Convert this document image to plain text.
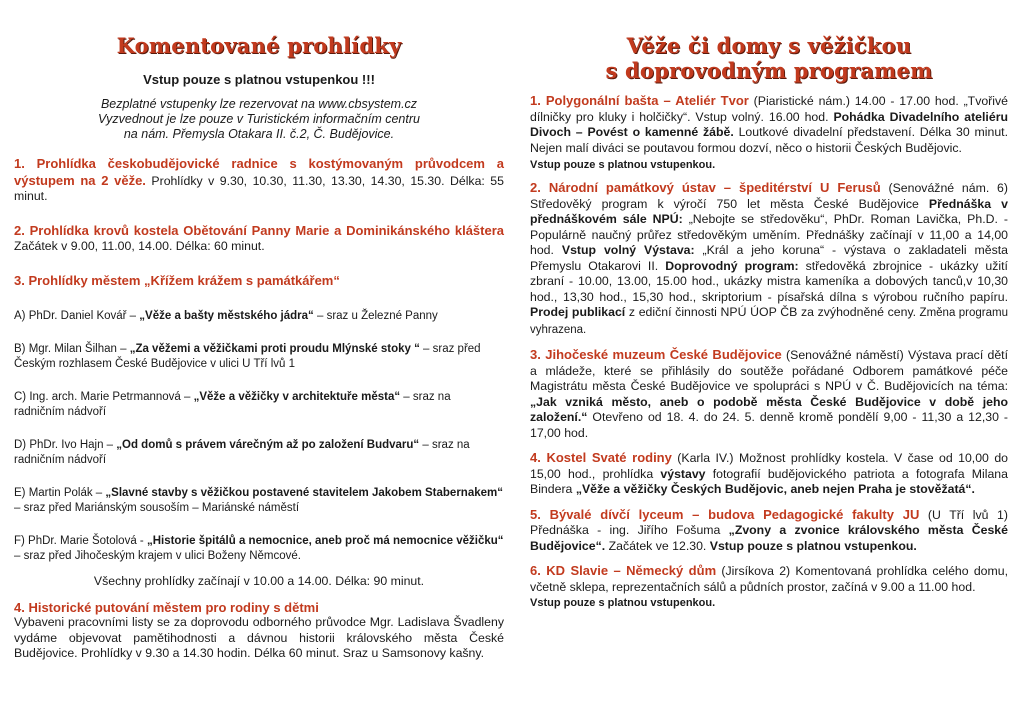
Komentované prohlídky
Vstup pouze s platnou vstupenkou !!!
Bezplatné vstupenky lze rezervovat na www.cbsystem.cz
Vyzvednout je lze pouze v Turistickém informačním centru
na nám. Přemysla Otakara II. č.2, Č. Budějovice.

1. Prohlídka českobudějovické radnice s kostýmovaným průvodcem a výstupem na 2 věže. Prohlídky v 9.30, 10.30, 11.30, 13.30, 14.30, 15.30. Délka: 55 minut.

2. Prohlídka krovů kostela Obětování Panny Marie a Dominikánského kláštera Začátek v 9.00, 11.00, 14.00. Délka: 60 minut.

3. Prohlídky městem „Křížem krážem s památkářem“

A) PhDr. Daniel Kovář – „Věže a bašty městského jádra“ – sraz u Železné Panny

B) Mgr. Milan Šilhan – „Za věžemi a věžičkami proti proudu Mlýnské stoky “ – sraz před Českým rozhlasem České Budějovice v ulici U Tří lvů 1

C) Ing. arch. Marie Petrmannová – „Věže a věžičky v architektuře města“ – sraz na radničním nádvoří

D) PhDr. Ivo Hajn – „Od domů s právem várečným až po založení Budvaru“ – sraz na radničním nádvoří

E) Martin Polák – „Slavné stavby s věžičkou postavené stavitelem Jakobem Stabernakem“ – sraz před Mariánským sousoším – Mariánské náměstí

F) PhDr. Marie Šotolová - „Historie špitálů a nemocnice, aneb proč má nemocnice věžičku“ – sraz před Jihočeským krajem v ulici Boženy Němcové.

Všechny prohlídky začínají v 10.00 a 14.00. Délka: 90 minut.
4. Historické putování městem pro rodiny s dětmi

Vybaveni pracovními listy se za doprovodu odborného průvodce Mgr. Ladislava Švadleny vydáme objevovat pamětihodnosti a dávnou historii královského města České Budějovice. Prohlídky v 9.30 a 14.30 hodin. Délka 60 minut. Sraz u Samsonovy kašny.

Věže či domy s věžičkou
s doprovodným programem

1. Polygonální bašta – Ateliér Tvor (Piaristické nám.) 14.00 - 17.00 hod. „Tvořivé dílničky pro kluky i holčičky“. Vstup volný. 16.00 hod. Pohádka Divadelního ateliéru Divoch – Povést o kamenné žábě. Loutkové divadelní představení. Délka 30 minut. Nejen malí diváci se poutavou formou dozví, něco o historii Českých Budějovic.

Vstup pouze s platnou vstupenkou.

2. Národní památkový ústav – špeditérství U Ferusů (Senovážné nám. 6) Středověký program k výročí 750 let města České Budějovice Přednáška v přednáškovém sále NPÚ: „Nebojte se středověku“, PhDr. Roman Lavička, Ph.D. - Populárně naučný průřez středověkým uměním. Přednášky začínají v 11,00 a 14,00 hod. Vstup volný Výstava: „Král a jeho koruna“ - výstava o zakladateli města Přemyslu Otakarovi II. Doprovodný program: středověká zbrojnice - ukázky užití zbraní - 10.00, 13.00, 15.00 hod., ukázky mistra kameníka a dobových tanců,v 10,30 hod., 13,30 hod., 15,30 hod., skriptorium - písařská dílna s výrobou ručního papíru. Prodej publikací z ediční činnosti NPÚ ÚOP ČB za zvýhodněné ceny. Změna programu vyhrazena.

3. Jihočeské muzeum České Budějovice (Senovážné náměstí) Výstava prací dětí a mládeže, které se přihlásily do soutěže pořádané Odborem památkové péče Magistrátu města České Budějovice ve spolupráci s NPÚ v Č. Budějovicích na téma: „Jak vzniká město, aneb o podobě města České Budějovice v době jeho založení.“ Otevřeno od 18. 4. do 24. 5. denně kromě pondělí 9,00 - 11,30 a 12,30 - 17,00 hod.

4. Kostel Svaté rodiny (Karla IV.) Možnost prohlídky kostela. V čase od 10,00 do 15,00 hod., prohlídka výstavy fotografií budějovického patriota a fotografa Milana Bindera „Věže a věžičky Českých Budějovic, aneb nejen Praha je stověžatá“.

5. Bývalé dívčí lyceum – budova Pedagogické fakulty JU (U Tří lvů 1) Přednáška - ing. Jiřího Fošuma „Zvony a zvonice královského města České Budějovice“. Začátek ve 12.30. Vstup pouze s platnou vstupenkou.

6. KD Slavie – Německý dům (Jirsíkova 2) Komentovaná prohlídka celého domu, včetně sklepa, reprezentačních sálů a půdních prostor, začíná v 9.00 a 11.00 hod.

Vstup pouze s platnou vstupenkou.
